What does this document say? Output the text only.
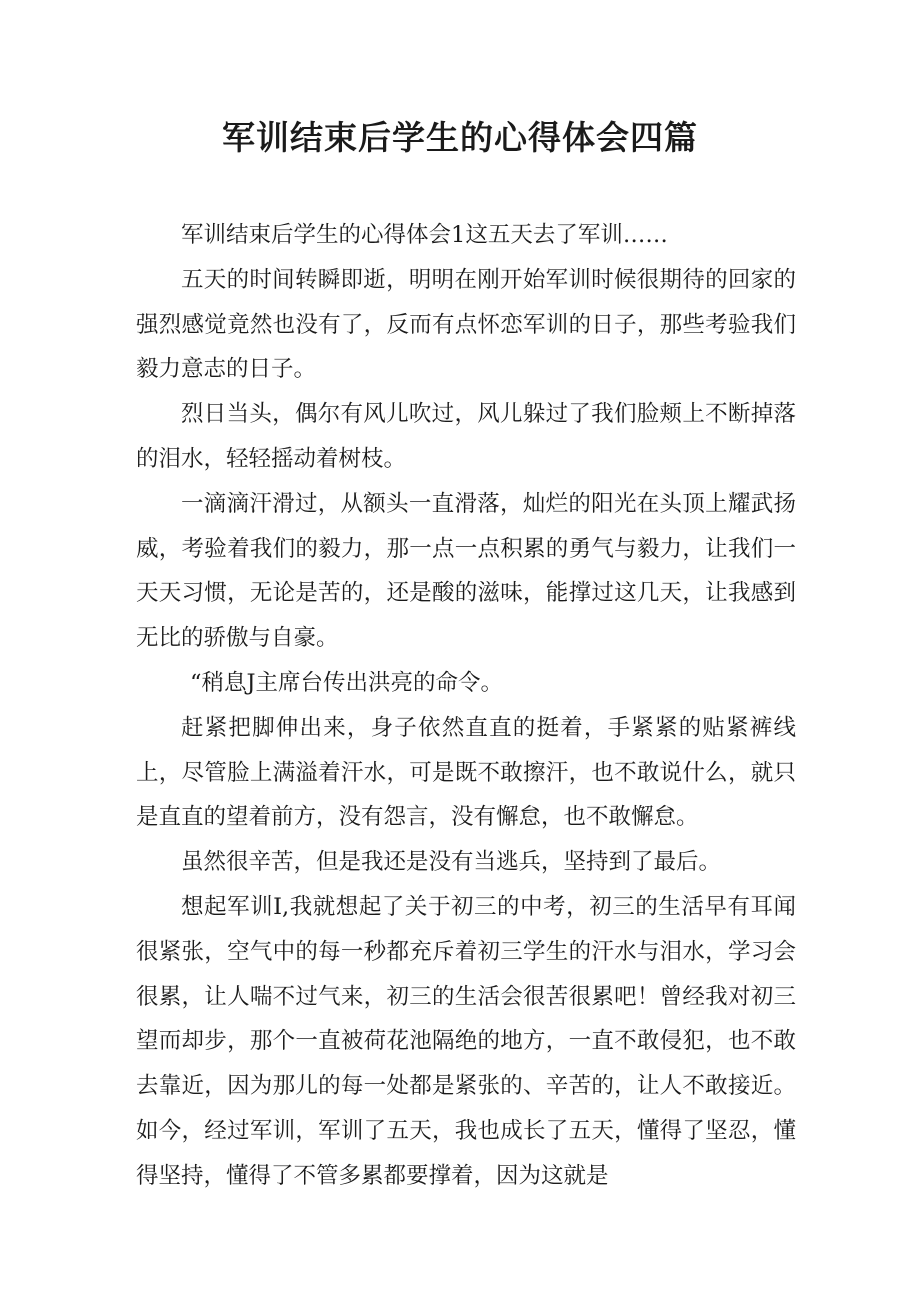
军训结束后学生的心得体会四篇

军训结束后学生的心得体会1这五天去了军训……

五天的时间转瞬即逝，明明在刚开始军训时候很期待的回家的强烈感觉竟然也没有了，反而有点怀恋军训的日子，那些考验我们毅力意志的日子。

烈日当头，偶尔有风儿吹过，风儿躲过了我们脸颊上不断掉落的泪水，轻轻摇动着树枝。

一滴滴汗滑过，从额头一直滑落，灿烂的阳光在头顶上耀武扬威，考验着我们的毅力，那一点一点积累的勇气与毅力，让我们一天天习惯，无论是苦的，还是酸的滋味，能撑过这几天，让我感到无比的骄傲与自豪。

“稍息J主席台传出洪亮的命令。

赶紧把脚伸出来，身子依然直直的挺着，手紧紧的贴紧裤线上，尽管脸上满溢着汗水，可是既不敢擦汗，也不敢说什么，就只是直直的望着前方，没有怨言，没有懈怠，也不敢懈怠。

虽然很辛苦，但是我还是没有当逃兵，坚持到了最后。

想起军训I,我就想起了关于初三的中考，初三的生活早有耳闻很紧张，空气中的每一秒都充斥着初三学生的汗水与泪水，学习会很累，让人喘不过气来，初三的生活会很苦很累吧！曾经我对初三望而却步，那个一直被荷花池隔绝的地方，一直不敢侵犯，也不敢去靠近，因为那儿的每一处都是紧张的、辛苦的，让人不敢接近。如今，经过军训，军训了五天，我也成长了五天，懂得了坚忍，懂得坚持，懂得了不管多累都要撑着，因为这就是
